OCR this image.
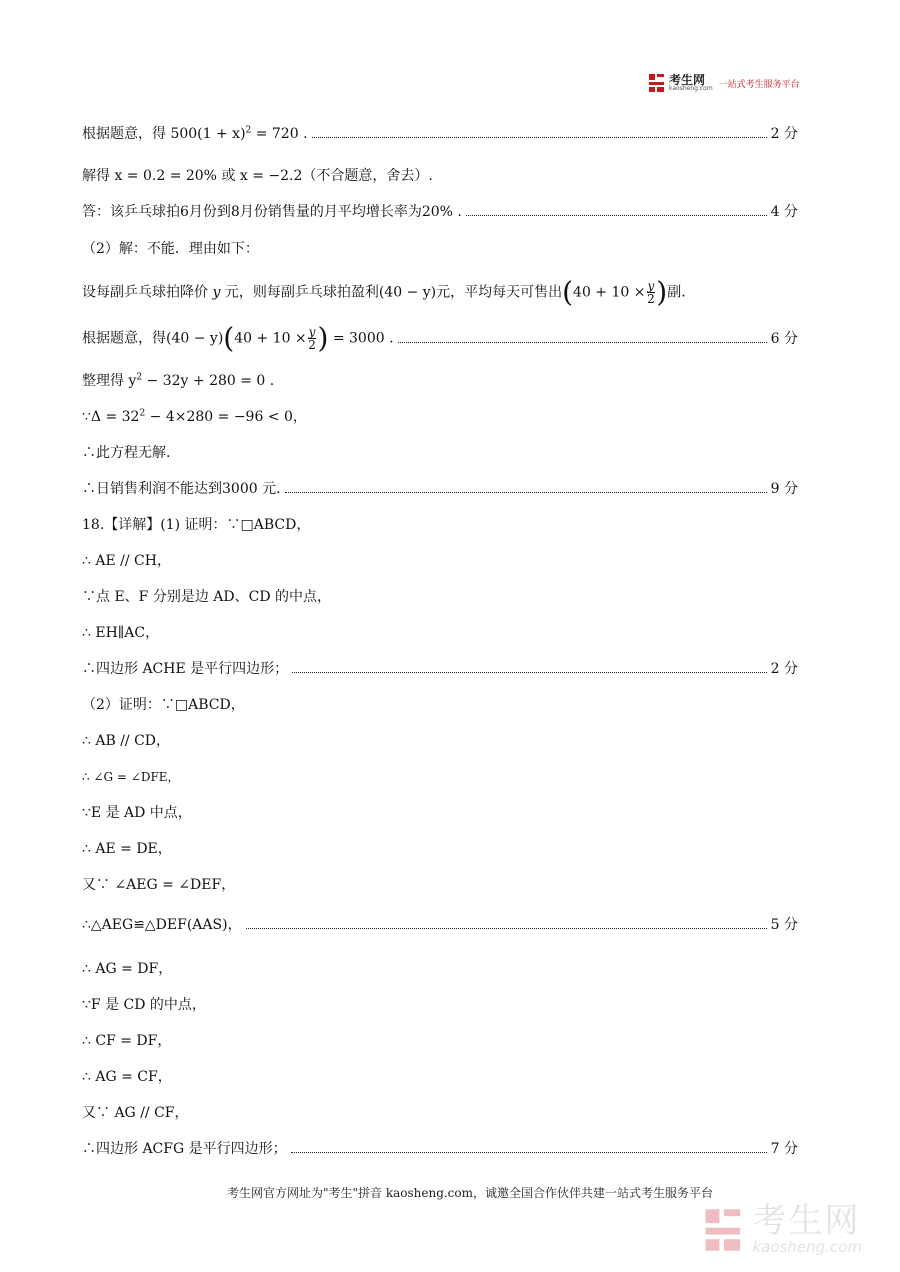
考生网
kaosheng.com 一站式考生服务平台
根据题意，得 $500(1 + x)^2 = 720$ .	2 分
解得 x = 0.2 = 20% 或 x = −2.2（不合题意，舍去）.
答：该乒乓球拍6月份到8月份销售量的月平均增长率为20% .	4 分
（2）解：不能．理由如下：
设每副乒乓球拍降价 y 元，则每副乒乓球拍盈利(40 − y)元，平均每天可售出($40 + 10 \times \frac{y}{2}$ )副.
根据题意，得$(40 - y)(40 + 10 \times \frac{y}{2}$ ) = 3000 .	6 分
整理得 $y^2 - 32y + 280 = 0$ .
∵Δ = $32^2 - 4\times 280 = -96 < 0$，
∴此方程无解.
∴日销售利润不能达到3000 元.	9 分
18.【详解】(1) 证明：∵□ABCD，
∴ AE // CH，
∵点 E、F 分别是边 AD、CD 的中点，
∴ EH∥AC，
∴四边形 ACHE 是平行四边形；	2 分
（2）证明：∵□ABCD，
∴ AB // CD，
∴ ∠G = ∠DFE，
∵E 是 AD 中点，
∴ AE = DE，
又∵ ∠AEG = ∠DEF，
∴△AEG≌△DEF(AAS)，	5 分
∴ AG = DF，
∵F 是 CD 的中点，
∴ CF = DF，
∴ AG = CF，
又∵ AG // CF，
∴四边形 ACFG 是平行四边形；	7 分
考生网官方网址为"考生"拼音 kaosheng.com，诚邀全国合作伙伴共建一站式考生服务平台
考生网
kaosheng.com
